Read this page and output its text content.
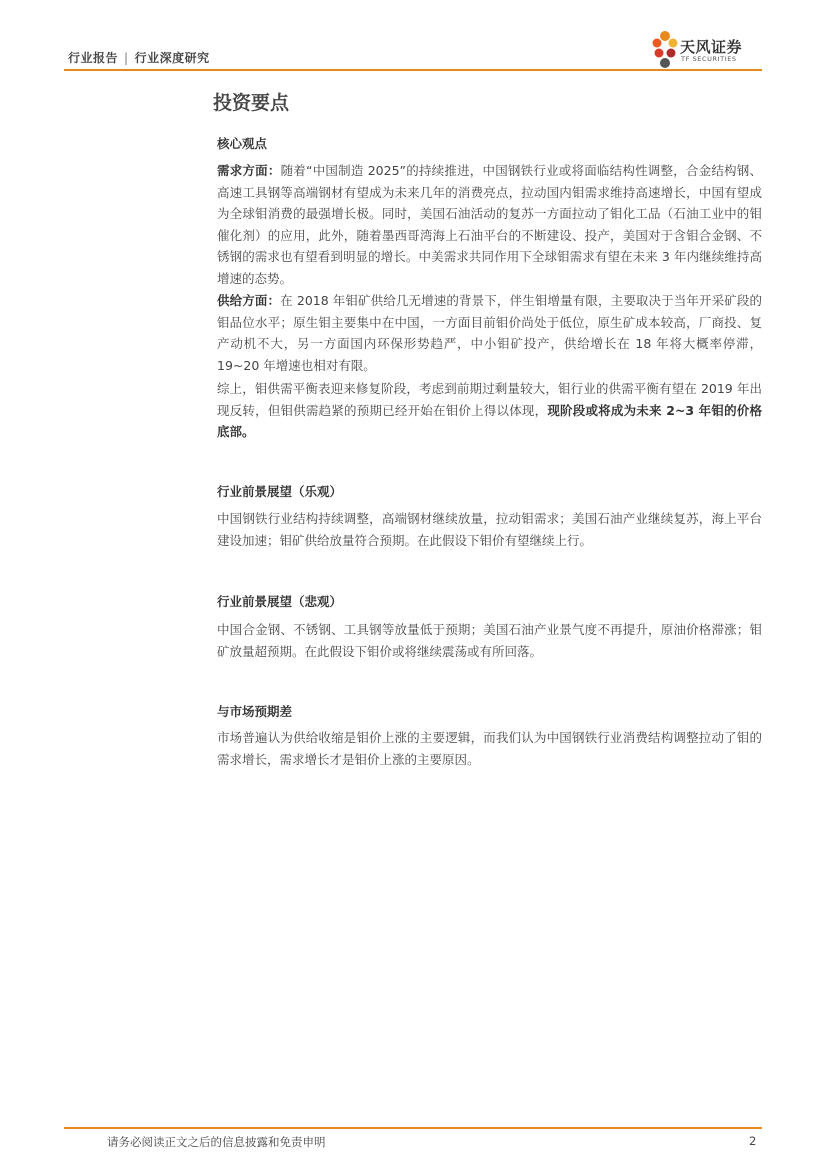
行业报告 | 行业深度研究
天风证券
TF SECURITIES
投资要点
核心观点
需求方面：随着“中国制造 2025”的持续推进，中国钢铁行业或将面临结构性调整，合金结构钢、高速工具钢等高端钢材有望成为未来几年的消费亮点，拉动国内钼需求维持高速增长，中国有望成为全球钼消费的最强增长极。同时，美国石油活动的复苏一方面拉动了钼化工品（石油工业中的钼催化剂）的应用，此外，随着墨西哥湾海上石油平台的不断建设、投产，美国对于含钼合金钢、不锈钢的需求也有望看到明显的增长。中美需求共同作用下全球钼需求有望在未来 3 年内继续维持高增速的态势。
供给方面：在 2018 年钼矿供给几无增速的背景下，伴生钼增量有限，主要取决于当年开采矿段的钼品位水平；原生钼主要集中在中国，一方面目前钼价尚处于低位，原生矿成本较高，厂商投、复产动机不大，另一方面国内环保形势趋严，中小钼矿投产，供给增长在 18 年将大概率停滞，19~20 年增速也相对有限。
综上，钼供需平衡表迎来修复阶段，考虑到前期过剩量较大，钼行业的供需平衡有望在 2019 年出现反转，但钼供需趋紧的预期已经开始在钼价上得以体现，现阶段或将成为未来 2~3 年钼的价格底部。
行业前景展望（乐观）
中国钢铁行业结构持续调整，高端钢材继续放量，拉动钼需求；美国石油产业继续复苏，海上平台建设加速；钼矿供给放量符合预期。在此假设下钼价有望继续上行。
行业前景展望（悲观）
中国合金钢、不锈钢、工具钢等放量低于预期；美国石油产业景气度不再提升，原油价格滞涨；钼矿放量超预期。在此假设下钼价或将继续震荡或有所回落。
与市场预期差
市场普遍认为供给收缩是钼价上涨的主要逻辑，而我们认为中国钢铁行业消费结构调整拉动了钼的需求增长，需求增长才是钼价上涨的主要原因。
请务必阅读正文之后的信息披露和免责申明	2
